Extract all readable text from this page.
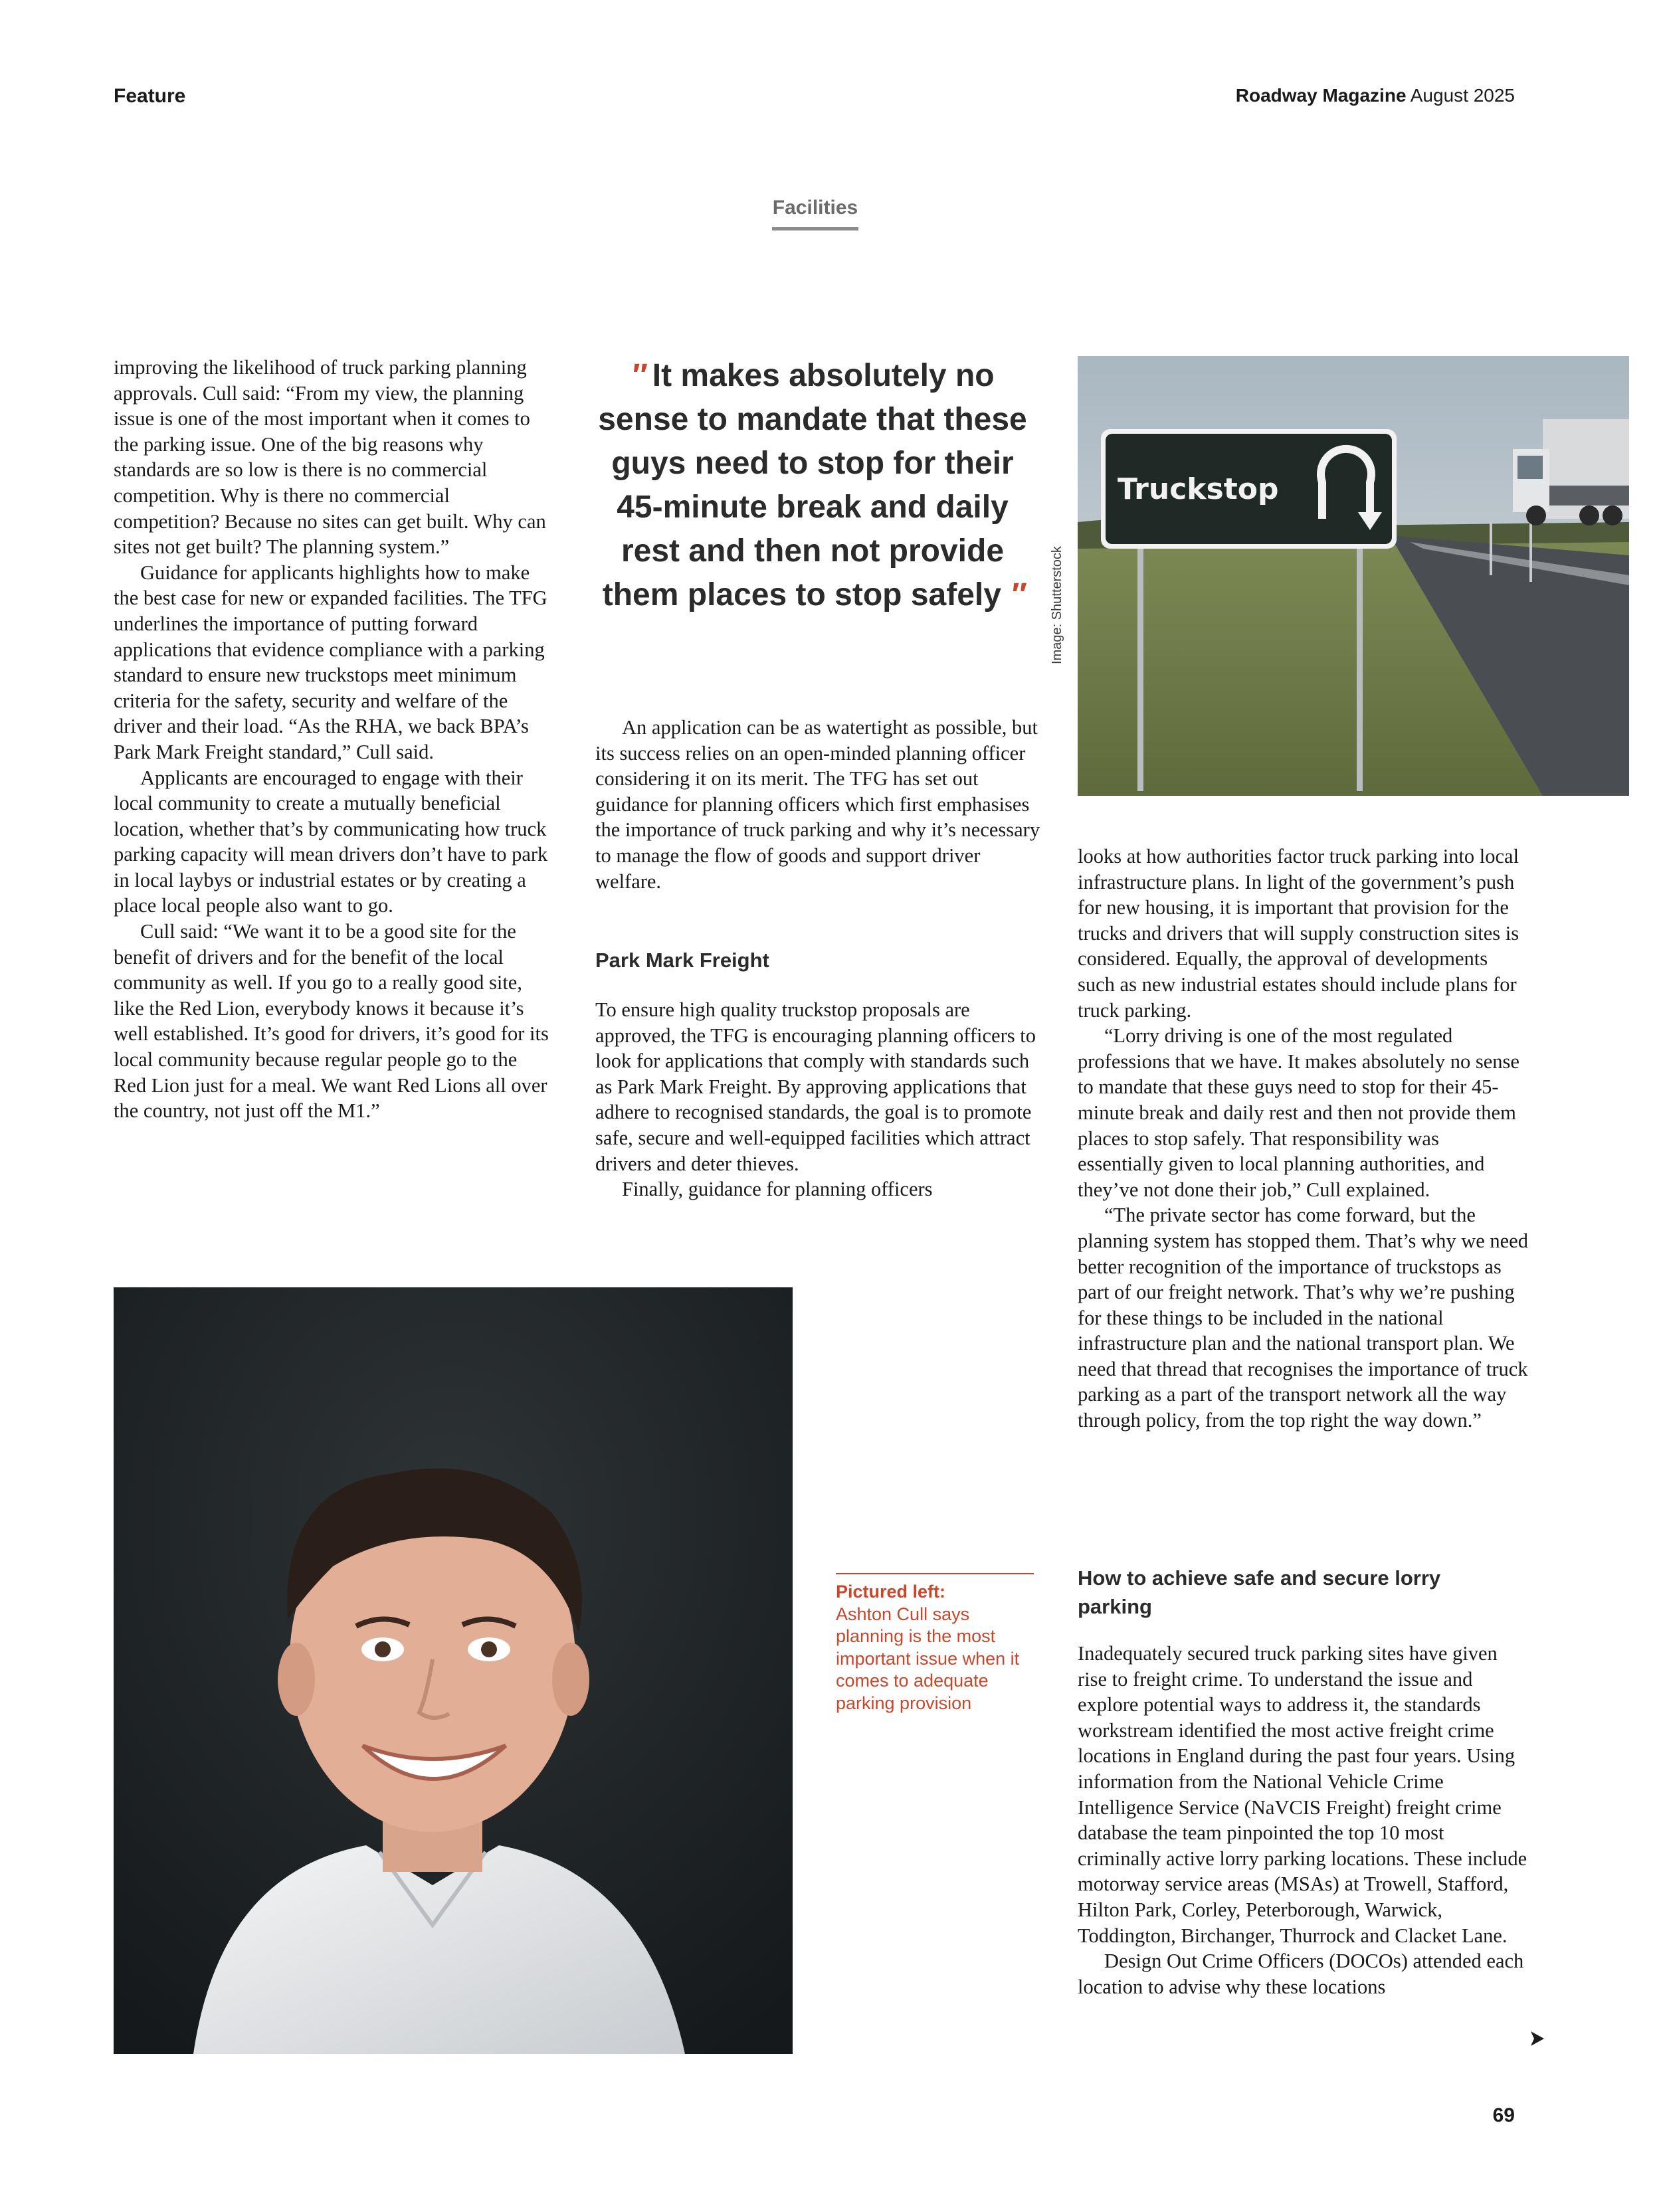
Feature	Roadway Magazine August 2025
Facilities

improving the likelihood of truck parking planning approvals. Cull said: “From my view, the planning issue is one of the most important when it comes to the parking issue. One of the big reasons why standards are so low is there is no commercial competition. Why is there no commercial competition? Because no sites can get built. Why can sites not get built? The planning system.”

Guidance for applicants highlights how to make the best case for new or expanded facilities. The TFG underlines the importance of putting forward applications that evidence compliance with a parking standard to ensure new truckstops meet minimum criteria for the safety, security and welfare of the driver and their load. “As the RHA, we back BPA’s Park Mark Freight standard,” Cull said.

Applicants are encouraged to engage with their local community to create a mutually beneficial location, whether that’s by communicating how truck parking capacity will mean drivers don’t have to park in local laybys or industrial estates or by creating a place local people also want to go.

Cull said: “We want it to be a good site for the benefit of drivers and for the benefit of the local community as well. If you go to a really good site, like the Red Lion, everybody knows it because it’s well established. It’s good for drivers, it’s good for its local community because regular people go to the Red Lion just for a meal. We want Red Lions all over the country, not just off the M1.”

″ It makes absolutely no sense to mandate that these guys need to stop for their 45-minute break and daily rest and then not provide them places to stop safely ″

An application can be as watertight as possible, but its success relies on an open-minded planning officer considering it on its merit. The TFG has set out guidance for planning officers which first emphasises the importance of truck parking and why it’s necessary to manage the flow of goods and support driver welfare.

Park Mark Freight

To ensure high quality truckstop proposals are approved, the TFG is encouraging planning officers to look for applications that comply with standards such as Park Mark Freight. By approving applications that adhere to recognised standards, the goal is to promote safe, secure and well-equipped facilities which attract drivers and deter thieves.

Finally, guidance for planning officers

Image: Shutterstock
Truckstop

looks at how authorities factor truck parking into local infrastructure plans. In light of the government’s push for new housing, it is important that provision for the trucks and drivers that will supply construction sites is considered. Equally, the approval of developments such as new industrial estates should include plans for truck parking.

“Lorry driving is one of the most regulated professions that we have. It makes absolutely no sense to mandate that these guys need to stop for their 45-minute break and daily rest and then not provide them places to stop safely. That responsibility was essentially given to local planning authorities, and they’ve not done their job,” Cull explained.

“The private sector has come forward, but the planning system has stopped them. That’s why we need better recognition of the importance of truckstops as part of our freight network. That’s why we’re pushing for these things to be included in the national infrastructure plan and the national transport plan. We need that thread that recognises the importance of truck parking as a part of the transport network all the way through policy, from the top right the way down.”

How to achieve safe and secure lorry parking

Inadequately secured truck parking sites have given rise to freight crime. To understand the issue and explore potential ways to address it, the standards workstream identified the most active freight crime locations in England during the past four years. Using information from the National Vehicle Crime Intelligence Service (NaVCIS Freight) freight crime database the team pinpointed the top 10 most criminally active lorry parking locations. These include motorway service areas (MSAs) at Trowell, Stafford, Hilton Park, Corley, Peterborough, Warwick, Toddington, Birchanger, Thurrock and Clacket Lane.

Design Out Crime Officers (DOCOs) attended each location to advise why these locations

Pictured left:
Ashton Cull says planning is the most important issue when it comes to adequate parking provision
69
